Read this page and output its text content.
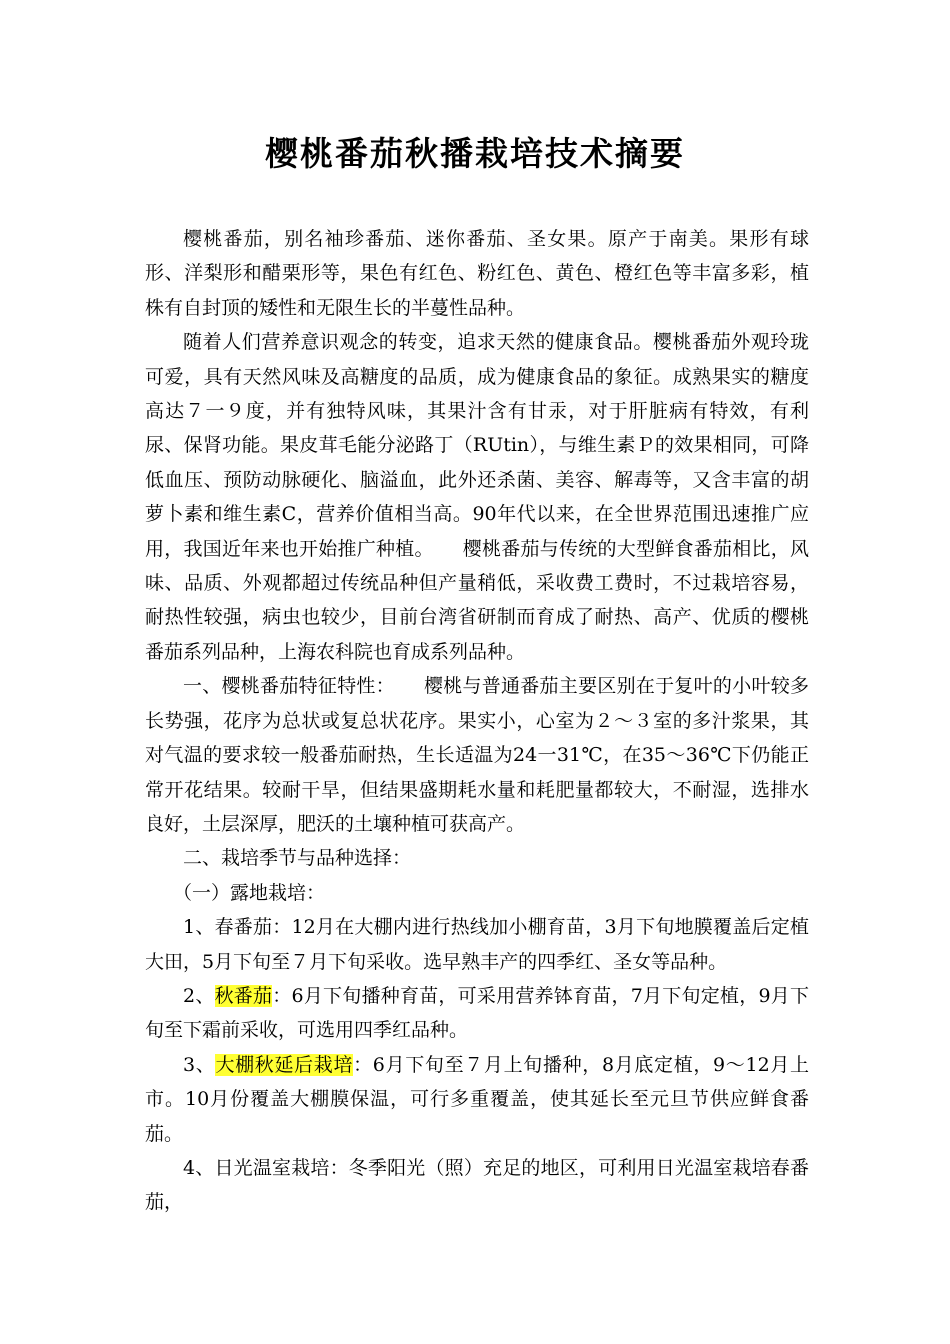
樱桃番茄秋播栽培技术摘要

樱桃番茄，别名袖珍番茄、迷你番茄、圣女果。原产于南美。果形有球形、洋梨形和醋栗形等，果色有红色、粉红色、黄色、橙红色等丰富多彩，植株有自封顶的矮性和无限生长的半蔓性品种。

随着人们营养意识观念的转变，追求天然的健康食品。樱桃番茄外观玲珑可爱，具有天然风味及高糖度的品质，成为健康食品的象征。成熟果实的糖度高达７一９度，并有独特风味，其果汁含有甘汞，对于肝脏病有特效，有利尿、保肾功能。果皮茸毛能分泌路丁（RUtin），与维生素Ｐ的效果相同，可降低血压、预防动脉硬化、脑溢血，此外还杀菌、美容、解毒等，又含丰富的胡萝卜素和维生素C，营养价值相当高。90年代以来，在全世界范围迅速推广应用，我国近年来也开始推广种植。　　樱桃番茄与传统的大型鲜食番茄相比，风味、品质、外观都超过传统品种但产量稍低，采收费工费时，不过栽培容易，耐热性较强，病虫也较少，目前台湾省研制而育成了耐热、高产、优质的樱桃番茄系列品种，上海农科院也育成系列品种。

一、樱桃番茄特征特性：　　樱桃与普通番茄主要区别在于复叶的小叶较多长势强，花序为总状或复总状花序。果实小，心室为２～３室的多汁浆果，其对气温的要求较一般番茄耐热，生长适温为24一31℃，在35～36℃下仍能正常开花结果。较耐干旱，但结果盛期耗水量和耗肥量都较大，不耐湿，选排水良好，土层深厚，肥沃的土壤种植可获高产。

二、栽培季节与品种选择：

（一）露地栽培：

1、春番茄：12月在大棚内进行热线加小棚育苗，3月下旬地膜覆盖后定植大田，5月下旬至７月下旬采收。选早熟丰产的四季红、圣女等品种。

2、秋番茄：6月下旬播种育苗，可采用营养钵育苗，7月下旬定植，9月下旬至下霜前采收，可选用四季红品种。

3、大棚秋延后栽培：6月下旬至７月上旬播种，8月底定植，9～12月上市。10月份覆盖大棚膜保温，可行多重覆盖，使其延长至元旦节供应鲜食番茄。

4、日光温室栽培：冬季阳光（照）充足的地区，可利用日光温室栽培春番茄，
